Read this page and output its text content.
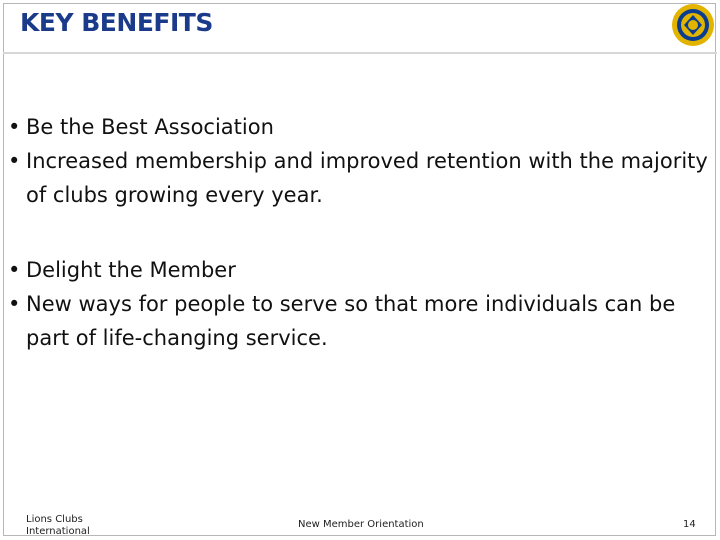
KEY BENEFITS
• Be the Best Association
• Increased membership and improved retention with the majority of clubs growing every year.
• Delight the Member
• New ways for people to serve so that more individuals can be part of life-changing service.
Lions Clubs
International
New Member Orientation	14
